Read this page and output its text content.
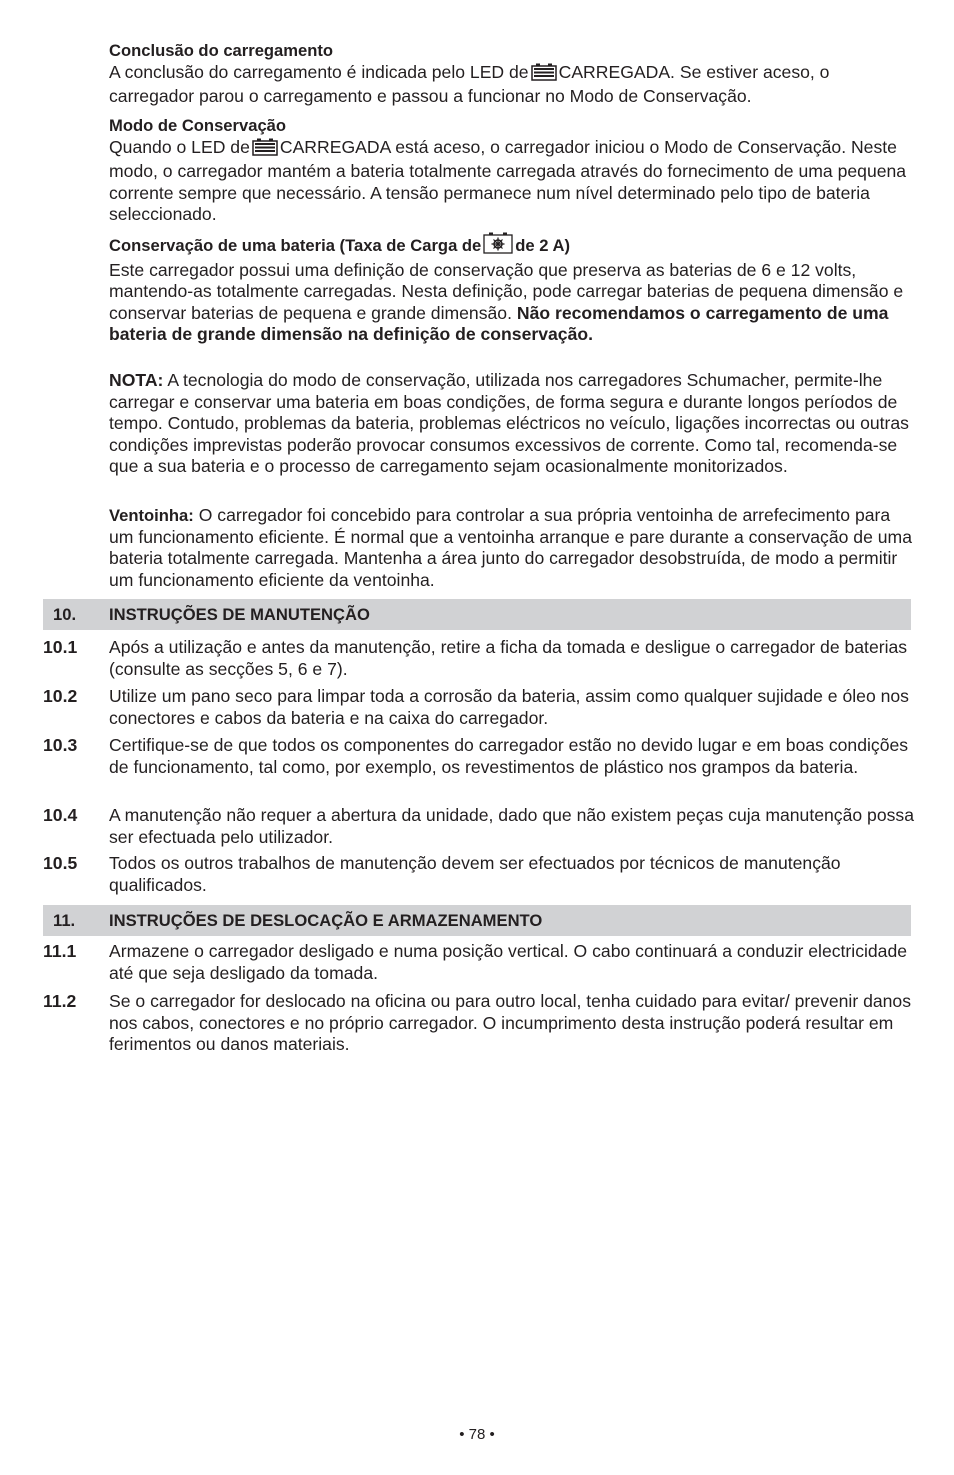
Conclusão do carregamento

A conclusão do carregamento é indicada pelo LED de CARREGADA. Se estiver aceso, o carregador parou o carregamento e passou a funcionar no Modo de Conservação.

Modo de Conservação

Quando o LED de CARREGADA está aceso, o carregador iniciou o Modo de Conservação. Neste modo, o carregador mantém a bateria totalmente carregada através do fornecimento de uma pequena corrente sempre que necessário. A tensão permanece num nível determinado pelo tipo de bateria seleccionado.

Conservação de uma bateria (Taxa de Carga de de 2 A)

Este carregador possui uma definição de conservação que preserva as baterias de 6 e 12 volts, mantendo-as totalmente carregadas. Nesta definição, pode carregar baterias de pequena dimensão e conservar baterias de pequena e grande dimensão. Não recomendamos o carregamento de uma bateria de grande dimensão na definição de conservação.

NOTA: A tecnologia do modo de conservação, utilizada nos carregadores Schumacher, permite-lhe carregar e conservar uma bateria em boas condições, de forma segura e durante longos períodos de tempo. Contudo, problemas da bateria, problemas eléctricos no veículo, ligações incorrectas ou outras condições imprevistas poderão provocar consumos excessivos de corrente. Como tal, recomenda-se que a sua bateria e o processo de carregamento sejam ocasionalmente monitorizados.

Ventoinha: O carregador foi concebido para controlar a sua própria ventoinha de arrefecimento para um funcionamento eficiente. É normal que a ventoinha arranque e pare durante a conservação de uma bateria totalmente carregada. Mantenha a área junto do carregador desobstruída, de modo a permitir um funcionamento eficiente da ventoinha.

10. INSTRUÇÕES DE MANUTENÇÃO
10.1 Após a utilização e antes da manutenção, retire a ficha da tomada e desligue o carregador de baterias (consulte as secções 5, 6 e 7).
10.2 Utilize um pano seco para limpar toda a corrosão da bateria, assim como qualquer sujidade e óleo nos conectores e cabos da bateria e na caixa do carregador.
10.3 Certifique-se de que todos os componentes do carregador estão no devido lugar e em boas condições de funcionamento, tal como, por exemplo, os revestimentos de plástico nos grampos da bateria.
10.4 A manutenção não requer a abertura da unidade, dado que não existem peças cuja manutenção possa ser efectuada pelo utilizador.
10.5 Todos os outros trabalhos de manutenção devem ser efectuados por técnicos de manutenção qualificados.
11. INSTRUÇÕES DE DESLOCAÇÃO E ARMAZENAMENTO
11.1 Armazene o carregador desligado e numa posição vertical. O cabo continuará a conduzir electricidade até que seja desligado da tomada.
11.2 Se o carregador for deslocado na oficina ou para outro local, tenha cuidado para evitar/ prevenir danos nos cabos, conectores e no próprio carregador. O incumprimento desta instrução poderá resultar em ferimentos ou danos materiais.
• 78 •
